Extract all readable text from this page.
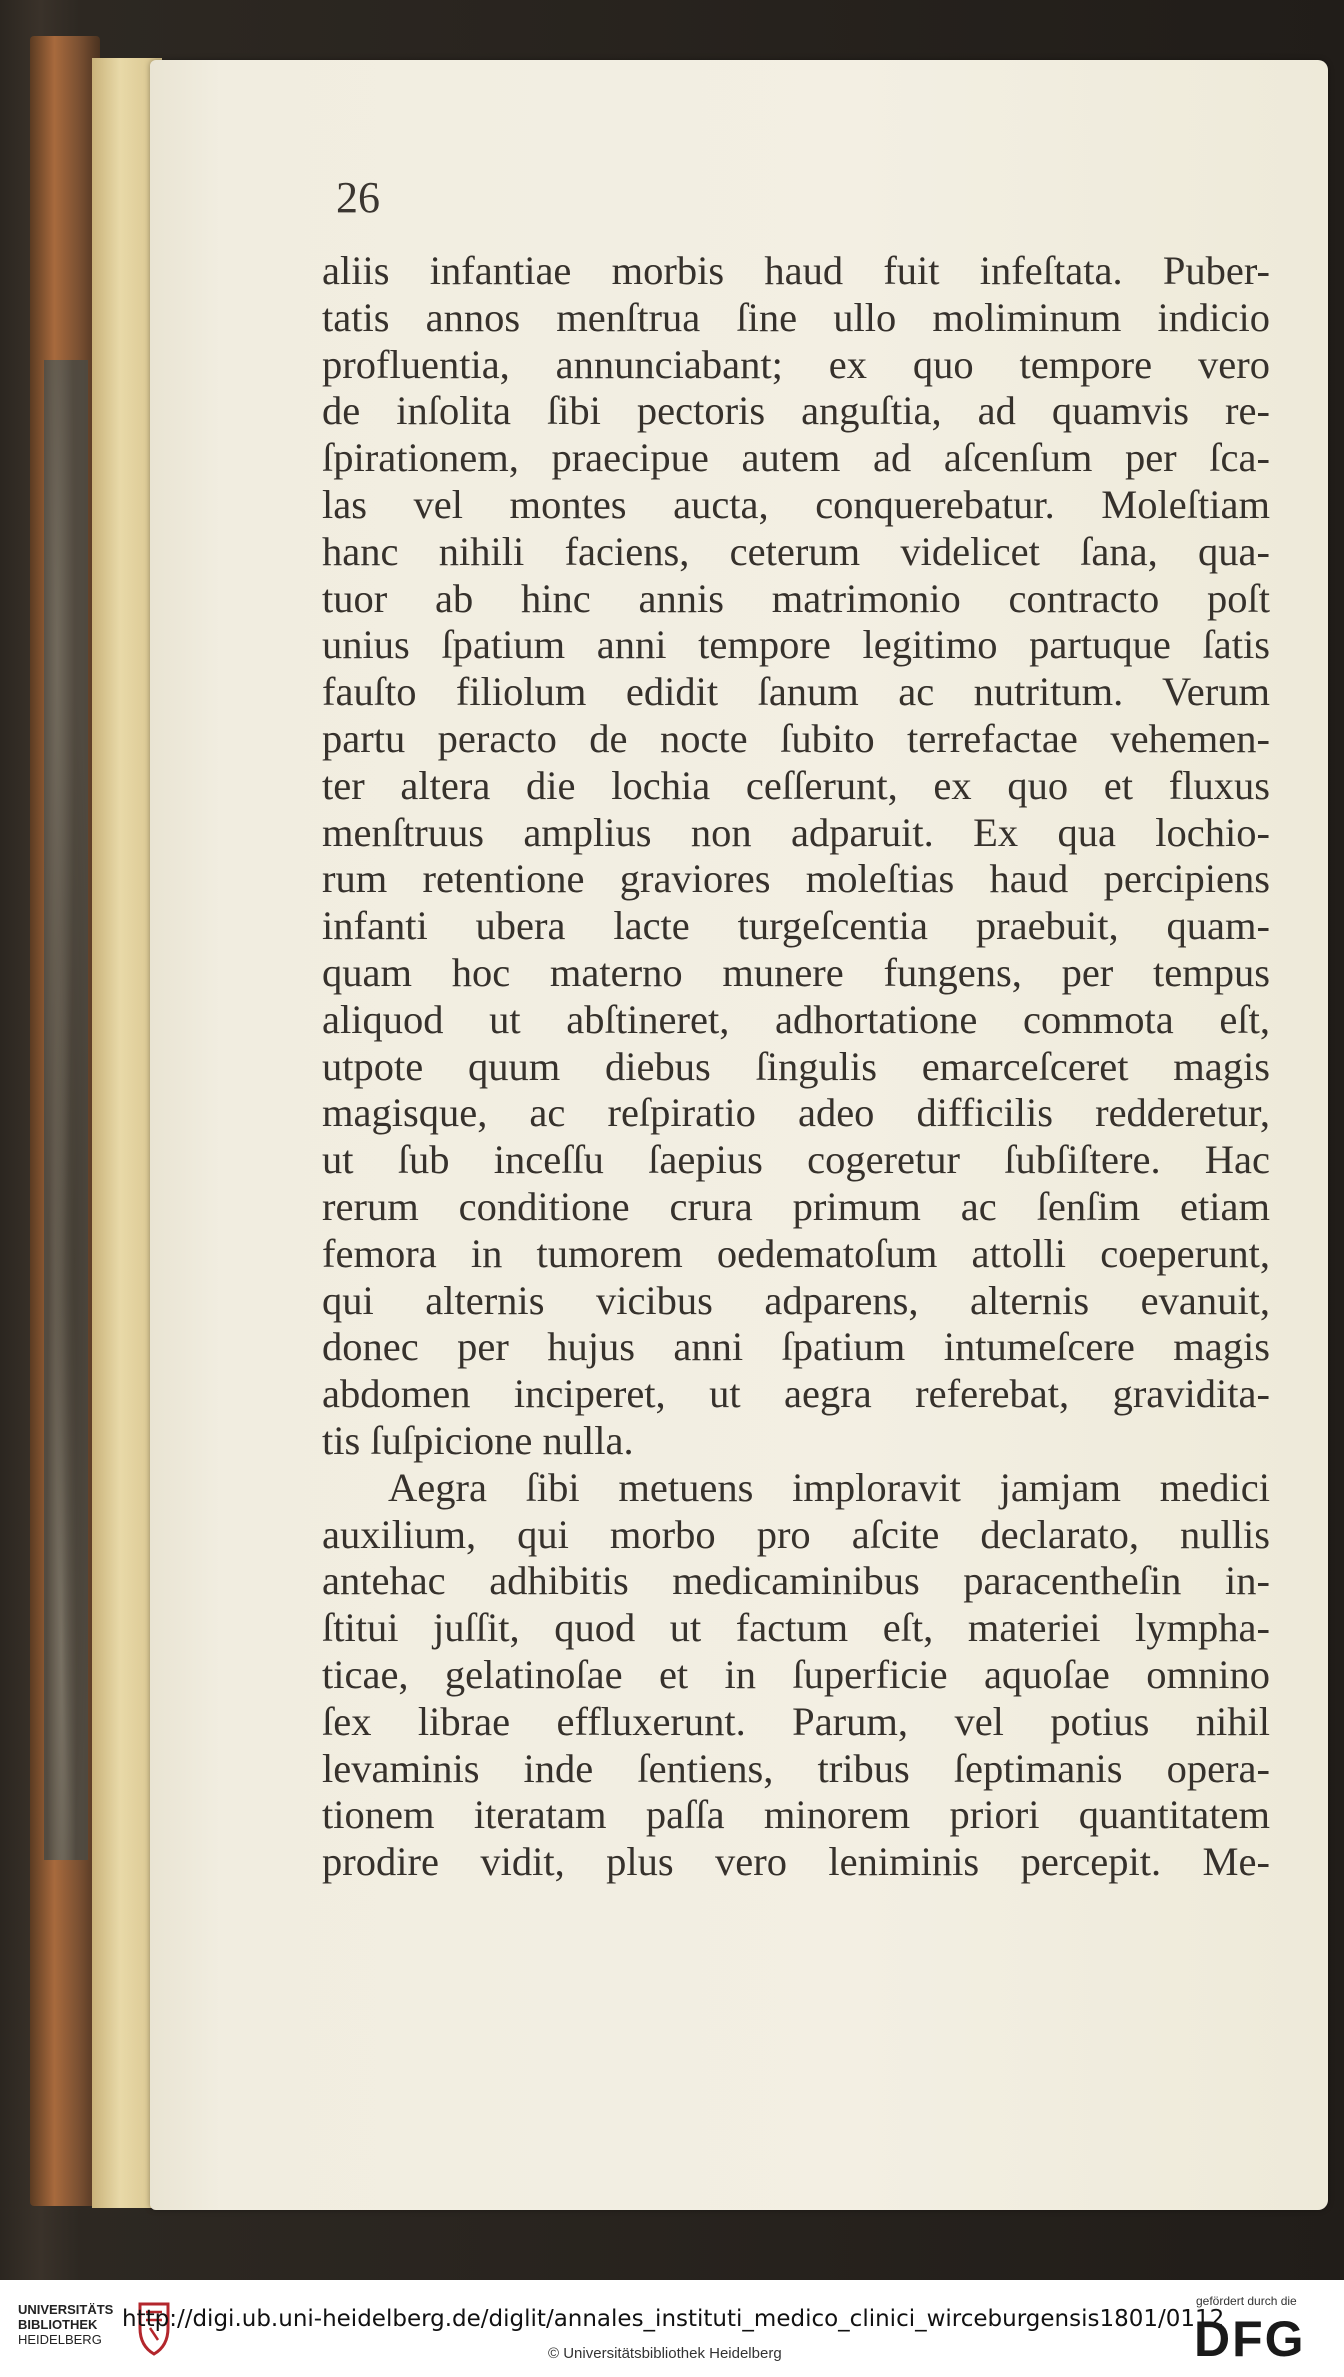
26
aliis infantiae morbis haud fuit infeſtata. Puber-
tatis annos menſtrua ſine ullo moliminum indicio
profluentia, annunciabant; ex quo tempore vero
de inſolita ſibi pectoris anguſtia, ad quamvis re-
ſpirationem, praecipue autem ad aſcenſum per ſca-
las vel montes aucta, conquerebatur. Moleſtiam
hanc nihili faciens, ceterum videlicet ſana, qua-
tuor ab hinc annis matrimonio contracto poſt
unius ſpatium anni tempore legitimo partuque ſatis
fauſto filiolum edidit ſanum ac nutritum. Verum
partu peracto de nocte ſubito terrefactae vehemen-
ter altera die lochia ceſſerunt, ex quo et fluxus
menſtruus amplius non adparuit. Ex qua lochio-
rum retentione graviores moleſtias haud percipiens
infanti ubera lacte turgeſcentia praebuit, quam-
quam hoc materno munere fungens, per tempus
aliquod ut abſtineret, adhortatione commota eſt,
utpote quum diebus ſingulis emarceſceret magis
magisque, ac reſpiratio adeo difficilis redderetur,
ut ſub inceſſu ſaepius cogeretur ſubſiſtere. Hac
rerum conditione crura primum ac ſenſim etiam
femora in tumorem oedematoſum attolli coeperunt,
qui alternis vicibus adparens, alternis evanuit,
donec per hujus anni ſpatium intumeſcere magis
abdomen inciperet, ut aegra referebat, gravidita-
tis ſuſpicione nulla.
Aegra ſibi metuens imploravit jamjam medici
auxilium, qui morbo pro aſcite declarato, nullis
antehac adhibitis medicaminibus paracentheſin in-
ſtitui juſſit, quod ut factum eſt, materiei lympha-
ticae, gelatinoſae et in ſuperficie aquoſae omnino
ſex librae effluxerunt. Parum, vel potius nihil
levaminis inde ſentiens, tribus ſeptimanis opera-
tionem iteratam paſſa minorem priori quantitatem
prodire vidit, plus vero leniminis percepit. Me-
UNIVERSITÄTS
BIBLIOTHEK
HEIDELBERG
http://digi.ub.uni-heidelberg.de/diglit/annales_instituti_medico_clinici_wirceburgensis1801/0112
© Universitätsbibliothek Heidelberg
gefördert durch die
DFG
